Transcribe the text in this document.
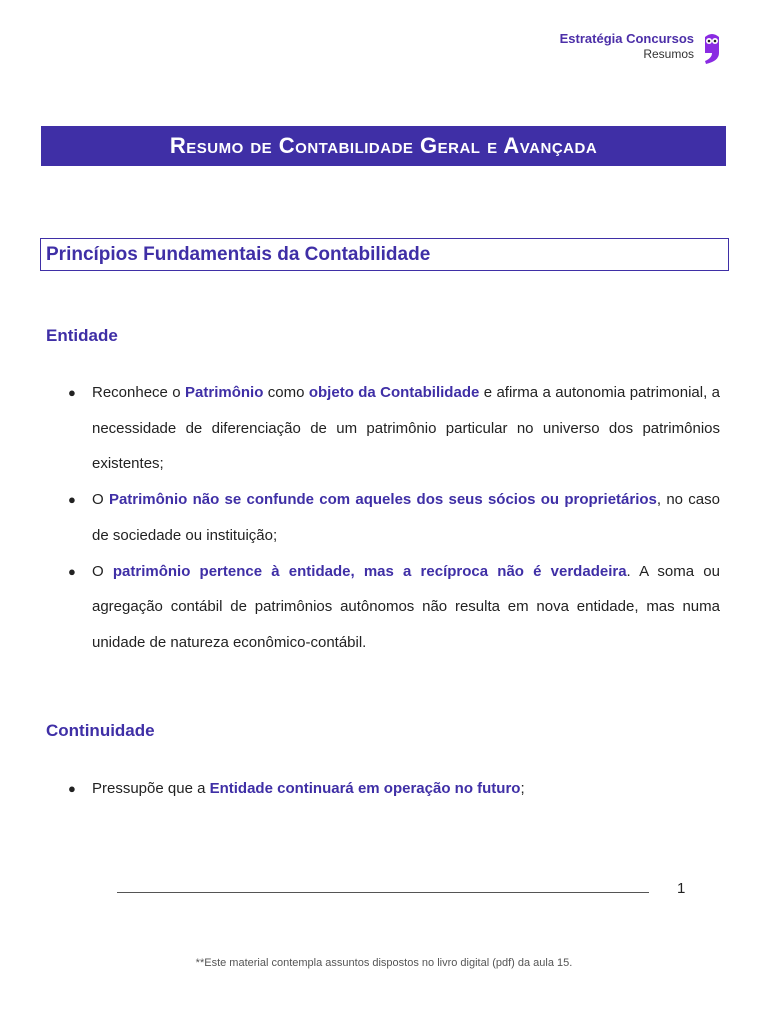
Estratégia Concursos
Resumos
Resumo de Contabilidade Geral e Avançada
Princípios Fundamentais da Contabilidade
Entidade
● Reconhece o Patrimônio como objeto da Contabilidade e afirma a autonomia patrimonial, a necessidade de diferenciação de um patrimônio particular no universo dos patrimônios existentes;
● O Patrimônio não se confunde com aqueles dos seus sócios ou proprietários, no caso de sociedade ou instituição;
● O patrimônio pertence à entidade, mas a recíproca não é verdadeira. A soma ou agregação contábil de patrimônios autônomos não resulta em nova entidade, mas numa unidade de natureza econômico-contábil.
Continuidade
● Pressupõe que a Entidade continuará em operação no futuro;
1
**Este material contempla assuntos dispostos no livro digital (pdf) da aula 15.
